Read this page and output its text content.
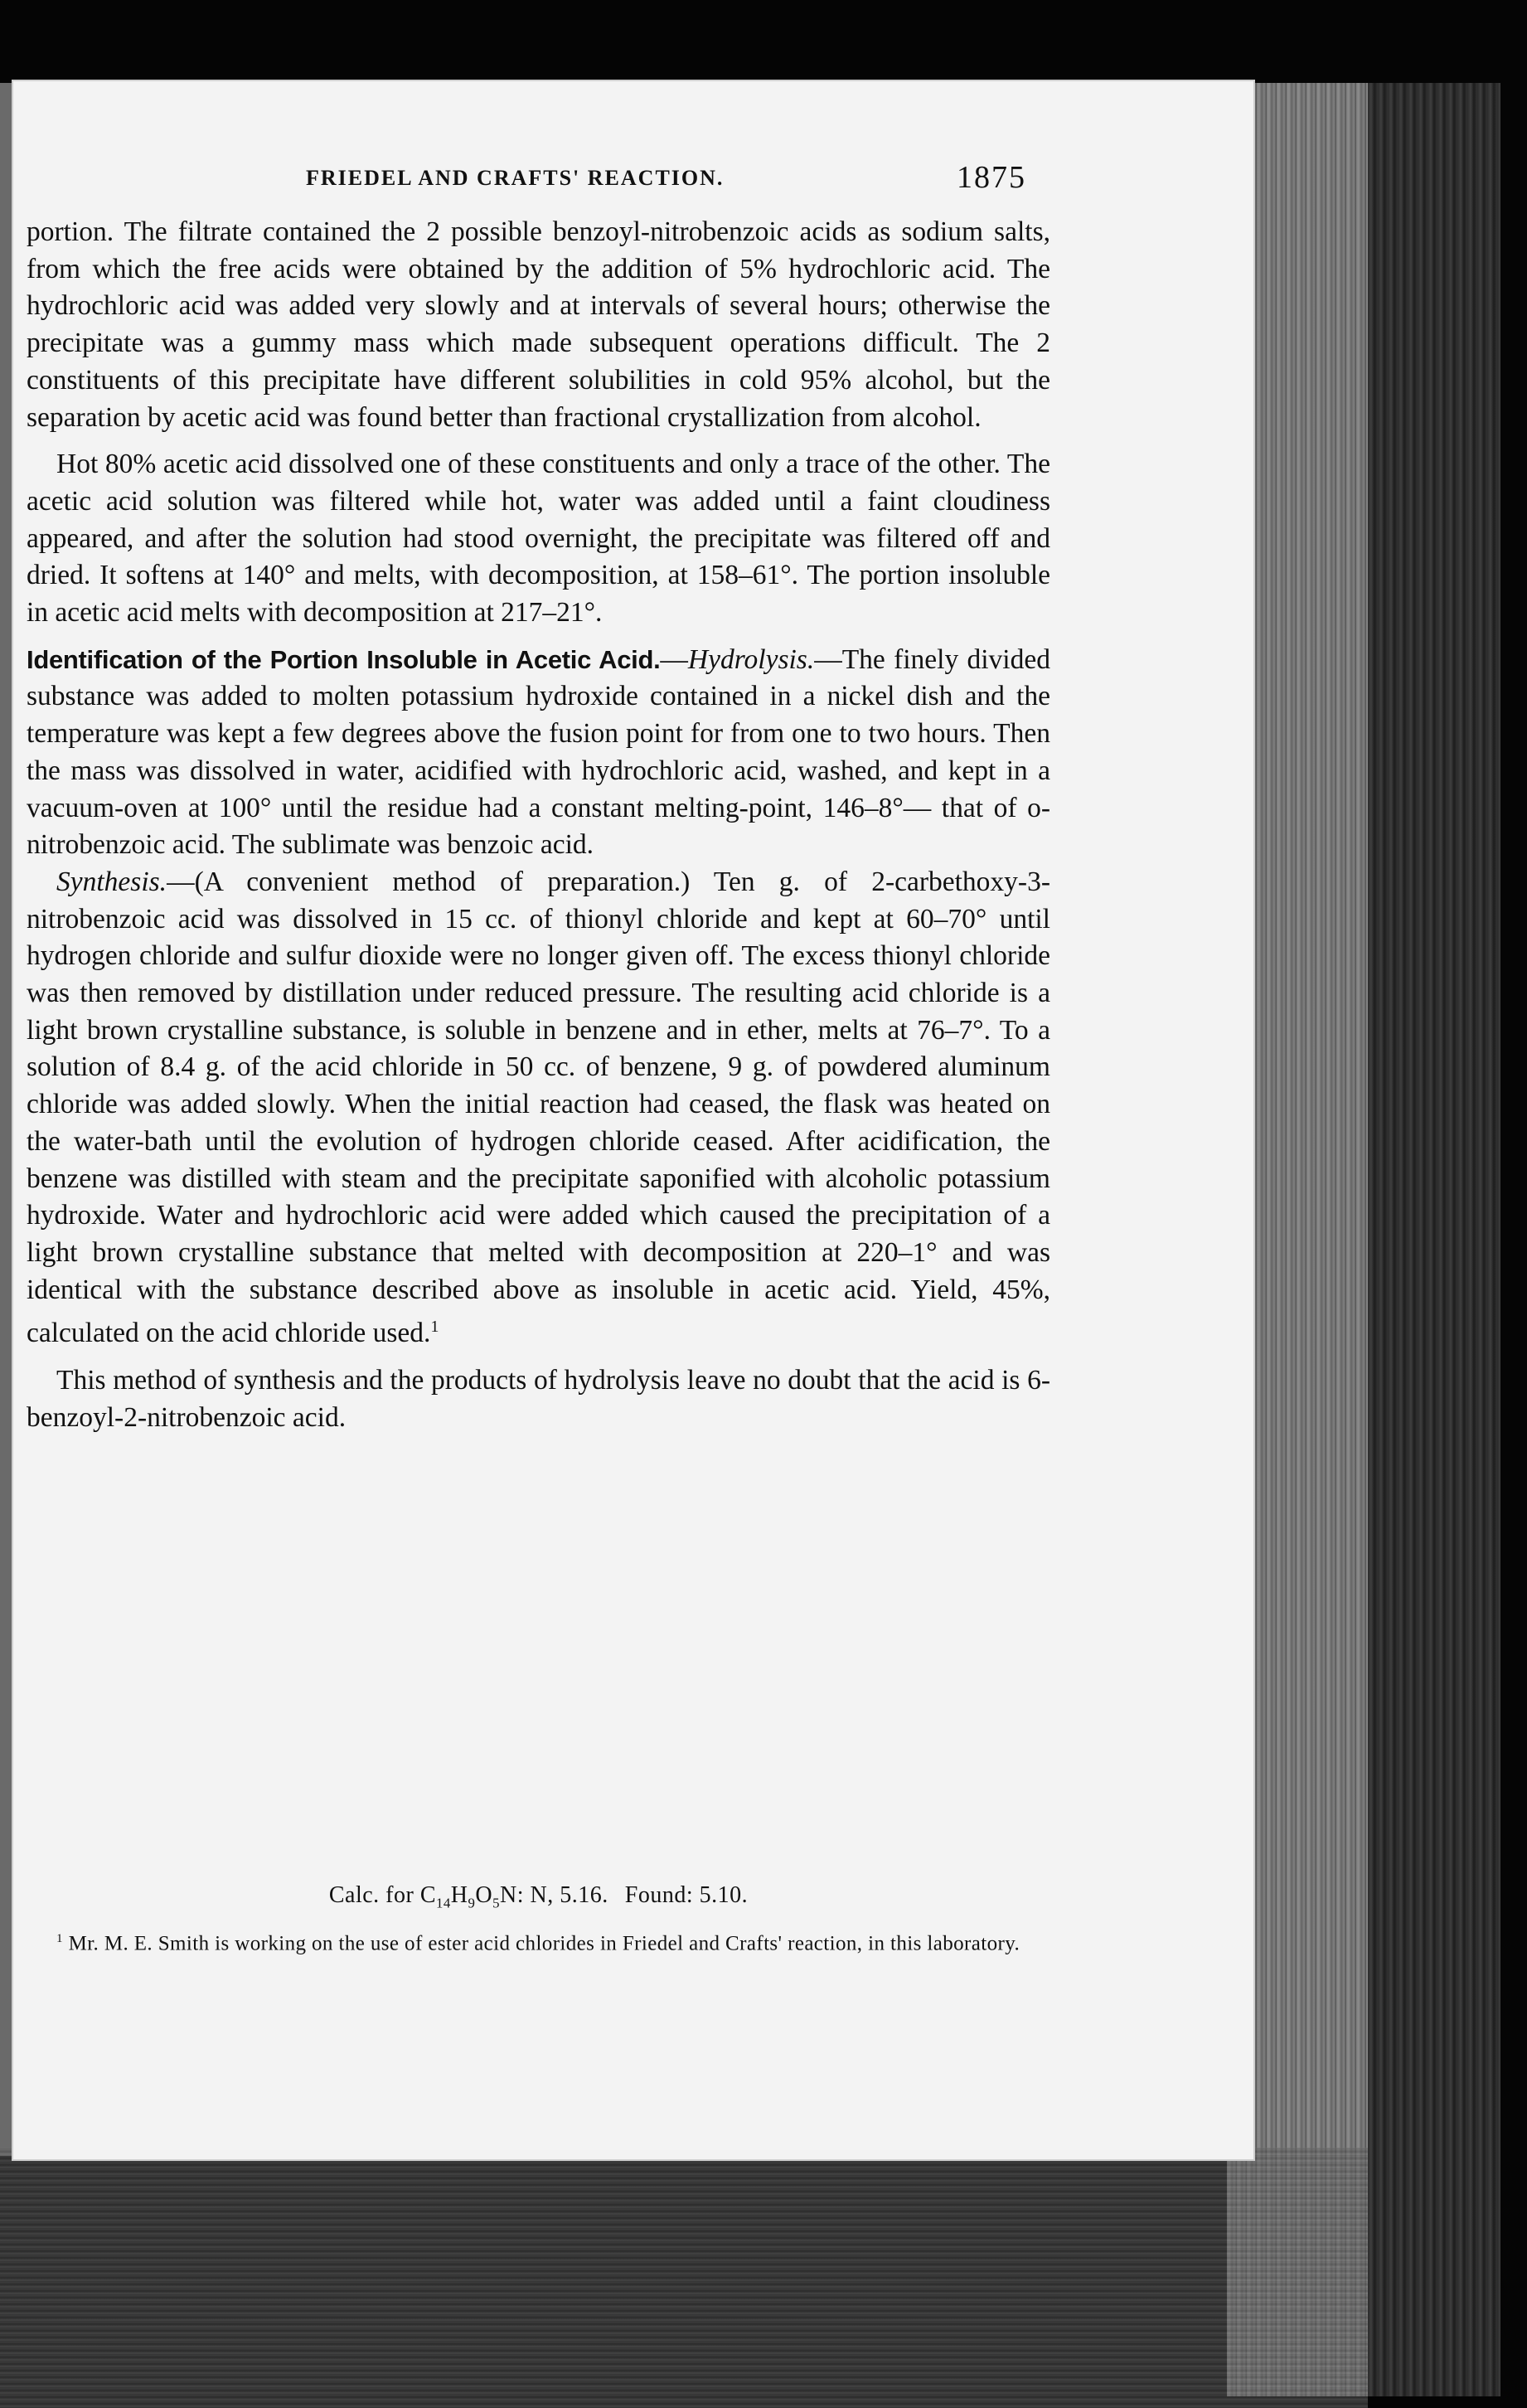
FRIEDEL AND CRAFTS' REACTION.	1875

portion. The filtrate contained the 2 possible benzoyl-nitrobenzoic acids as sodium salts, from which the free acids were obtained by the addition of 5% hydrochloric acid. The hydrochloric acid was added very slowly and at intervals of several hours; otherwise the precipitate was a gummy mass which made subsequent operations difficult. The 2 constituents of this precipitate have different solubilities in cold 95% alcohol, but the separation by acetic acid was found better than fractional crystallization from alcohol.

Hot 80% acetic acid dissolved one of these constituents and only a trace of the other. The acetic acid solution was filtered while hot, water was added until a faint cloudiness appeared, and after the solution had stood overnight, the precipitate was filtered off and dried. It softens at 140° and melts, with decomposition, at 158–61°. The portion insoluble in acetic acid melts with decomposition at 217–21°.

Identification of the Portion Insoluble in Acetic Acid.—Hydrolysis.—The finely divided substance was added to molten potassium hydroxide contained in a nickel dish and the temperature was kept a few degrees above the fusion point for from one to two hours. Then the mass was dissolved in water, acidified with hydrochloric acid, washed, and kept in a vacuum-oven at 100° until the residue had a constant melting-point, 146–8°— that of o-nitrobenzoic acid. The sublimate was benzoic acid.

Synthesis.—(A convenient method of preparation.) Ten g. of 2-carbethoxy-3-nitrobenzoic acid was dissolved in 15 cc. of thionyl chloride and kept at 60–70° until hydrogen chloride and sulfur dioxide were no longer given off. The excess thionyl chloride was then removed by distillation under reduced pressure. The resulting acid chloride is a light brown crystalline substance, is soluble in benzene and in ether, melts at 76–7°. To a solution of 8.4 g. of the acid chloride in 50 cc. of benzene, 9 g. of powdered aluminum chloride was added slowly. When the initial reaction had ceased, the flask was heated on the water-bath until the evolution of hydrogen chloride ceased. After acidification, the benzene was distilled with steam and the precipitate saponified with alcoholic potassium hydroxide. Water and hydrochloric acid were added which caused the precipitation of a light brown crystalline substance that melted with decomposition at 220–1° and was identical with the substance described above as insoluble in acetic acid. Yield, 45%, calculated on the acid chloride used.$^1$

This method of synthesis and the products of hydrolysis leave no doubt that the acid is 6-benzoyl-2-nitrobenzoic acid.

Calc. for $C_{14}H_9O_5N$: N, 5.16. Found: 5.10.
$^1$ Mr. M. E. Smith is working on the use of ester acid chlorides in Friedel and Crafts' reaction, in this laboratory.
